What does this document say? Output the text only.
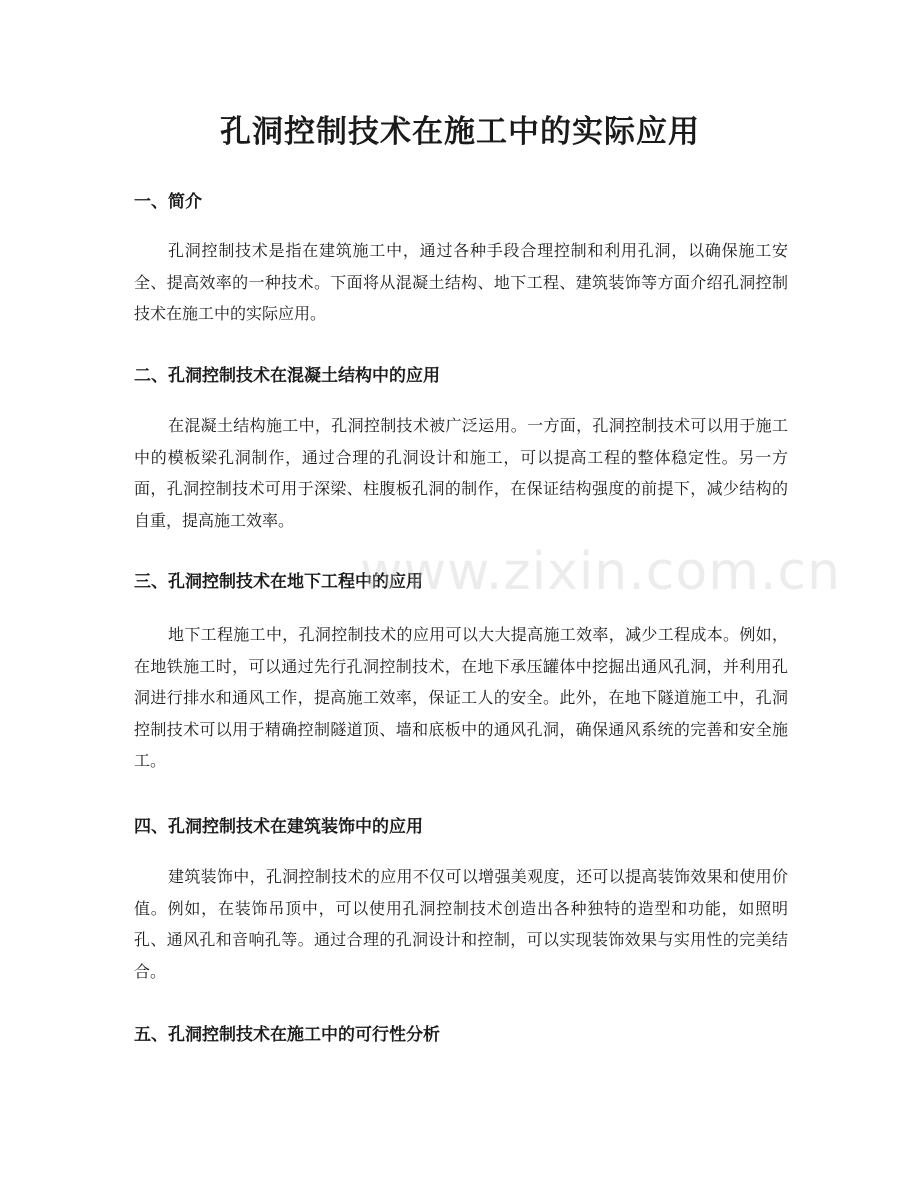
孔洞控制技术在施工中的实际应用
一、简介

孔洞控制技术是指在建筑施工中，通过各种手段合理控制和利用孔洞，以确保施工安全、提高效率的一种技术。下面将从混凝土结构、地下工程、建筑装饰等方面介绍孔洞控制技术在施工中的实际应用。

二、孔洞控制技术在混凝土结构中的应用

在混凝土结构施工中，孔洞控制技术被广泛运用。一方面，孔洞控制技术可以用于施工中的模板梁孔洞制作，通过合理的孔洞设计和施工，可以提高工程的整体稳定性。另一方面，孔洞控制技术可用于深梁、柱腹板孔洞的制作，在保证结构强度的前提下，减少结构的自重，提高施工效率。

三、孔洞控制技术在地下工程中的应用

地下工程施工中，孔洞控制技术的应用可以大大提高施工效率，减少工程成本。例如，在地铁施工时，可以通过先行孔洞控制技术，在地下承压罐体中挖掘出通风孔洞，并利用孔洞进行排水和通风工作，提高施工效率，保证工人的安全。此外，在地下隧道施工中，孔洞控制技术可以用于精确控制隧道顶、墙和底板中的通风孔洞，确保通风系统的完善和安全施工。

四、孔洞控制技术在建筑装饰中的应用

建筑装饰中，孔洞控制技术的应用不仅可以增强美观度，还可以提高装饰效果和使用价值。例如，在装饰吊顶中，可以使用孔洞控制技术创造出各种独特的造型和功能，如照明孔、通风孔和音响孔等。通过合理的孔洞设计和控制，可以实现装饰效果与实用性的完美结合。

五、孔洞控制技术在施工中的可行性分析
www.zixin.com.cn
